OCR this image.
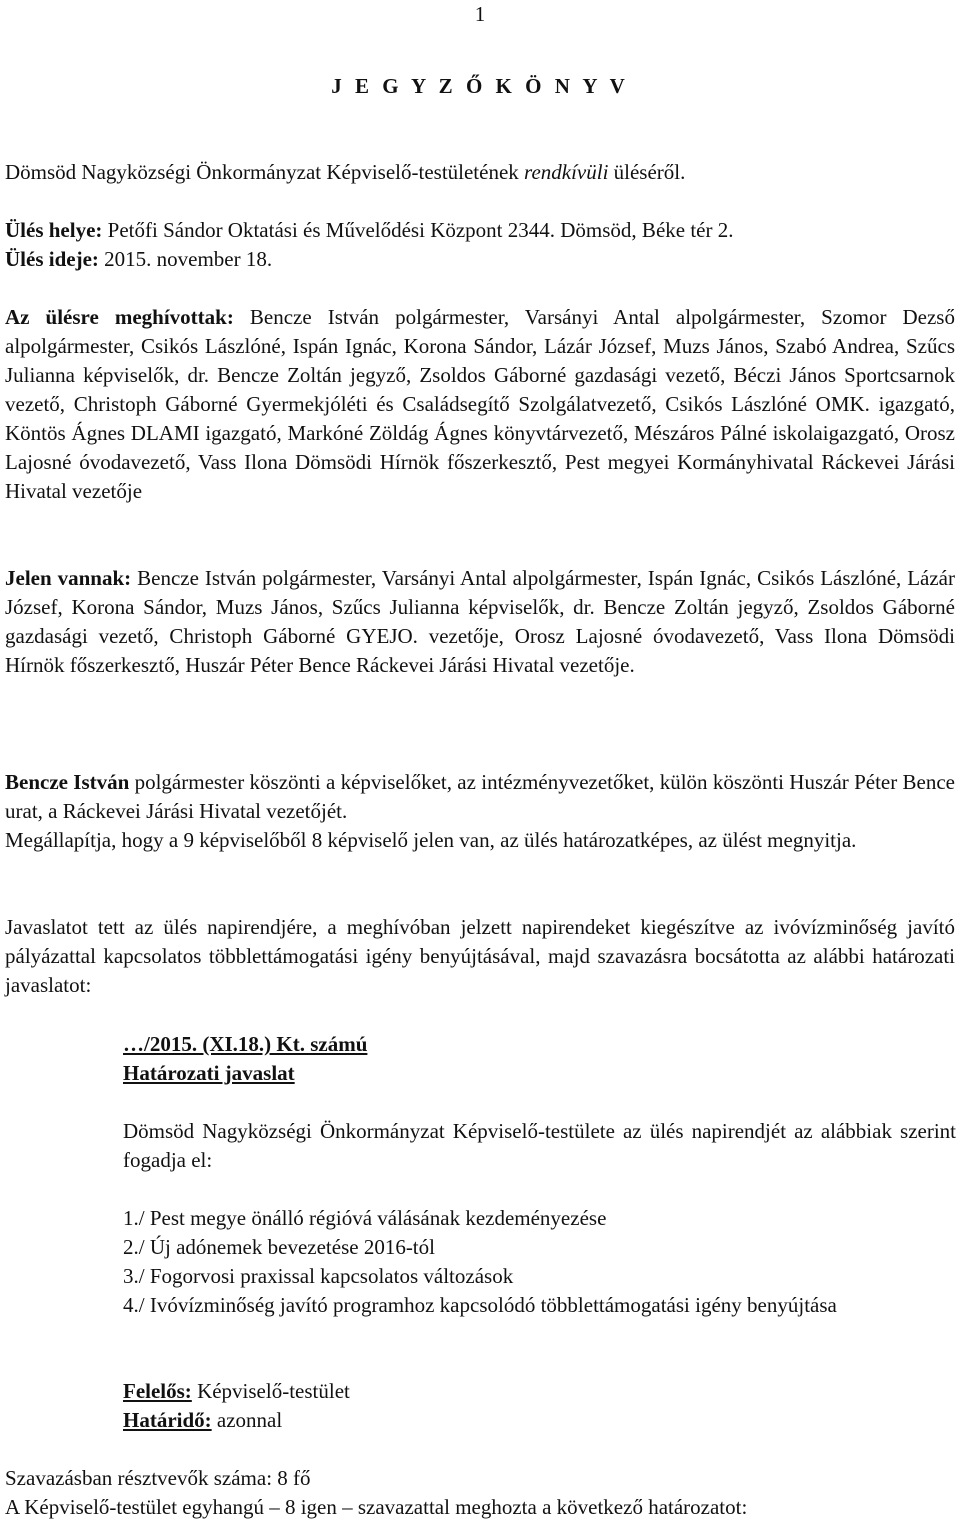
1
J E G Y Z Ő K Ö N Y V
Dömsöd Nagyközségi Önkormányzat Képviselő-testületének rendkívüli üléséről.
Ülés helye: Petőfi Sándor Oktatási és Művelődési Központ 2344. Dömsöd, Béke tér 2.
Ülés ideje: 2015. november 18.
Az ülésre meghívottak: Bencze István polgármester, Varsányi Antal alpolgármester, Szomor Dezső alpolgármester, Csikós Lászlóné, Ispán Ignác, Korona Sándor, Lázár József, Muzs János, Szabó Andrea, Szűcs Julianna képviselők, dr. Bencze Zoltán jegyző, Zsoldos Gáborné gazdasági vezető, Béczi János Sportcsarnok vezető, Christoph Gáborné Gyermekjóléti és Családsegítő Szolgálatvezető, Csikós Lászlóné OMK. igazgató, Köntös Ágnes DLAMI igazgató, Markóné Zöldág Ágnes könyvtárvezető, Mészáros Pálné iskolaigazgató, Orosz Lajosné óvodavezető, Vass Ilona Dömsödi Hírnök főszerkesztő, Pest megyei Kormányhivatal Ráckevei Járási Hivatal vezetője
Jelen vannak: Bencze István polgármester, Varsányi Antal alpolgármester, Ispán Ignác, Csikós Lászlóné, Lázár József, Korona Sándor, Muzs János, Szűcs Julianna képviselők, dr. Bencze Zoltán jegyző, Zsoldos Gáborné gazdasági vezető, Christoph Gáborné GYEJO. vezetője, Orosz Lajosné óvodavezető, Vass Ilona Dömsödi Hírnök főszerkesztő, Huszár Péter Bence Ráckevei Járási Hivatal vezetője.
Bencze István polgármester köszönti a képviselőket, az intézményvezetőket, külön köszönti Huszár Péter Bence urat, a Ráckevei Járási Hivatal vezetőjét.
Megállapítja, hogy a 9 képviselőből 8 képviselő jelen van, az ülés határozatképes, az ülést megnyitja.
Javaslatot tett az ülés napirendjére, a meghívóban jelzett napirendeket kiegészítve az ivóvízminőség javító pályázattal kapcsolatos többlettámogatási igény benyújtásával, majd szavazásra bocsátotta az alábbi határozati javaslatot:
…/2015. (XI.18.) Kt. számú
Határozati javaslat
Dömsöd Nagyközségi Önkormányzat Képviselő-testülete az ülés napirendjét az alábbiak szerint fogadja el:
1./ Pest megye önálló régióvá válásának kezdeményezése
2./ Új adónemek bevezetése 2016-tól
3./ Fogorvosi praxissal kapcsolatos változások
4./ Ivóvízminőség javító programhoz kapcsolódó többlettámogatási igény benyújtása
Felelős: Képviselő-testület
Határidő: azonnal
Szavazásban résztvevők száma: 8 fő
A Képviselő-testület egyhangú – 8 igen – szavazattal meghozta a következő határozatot:
